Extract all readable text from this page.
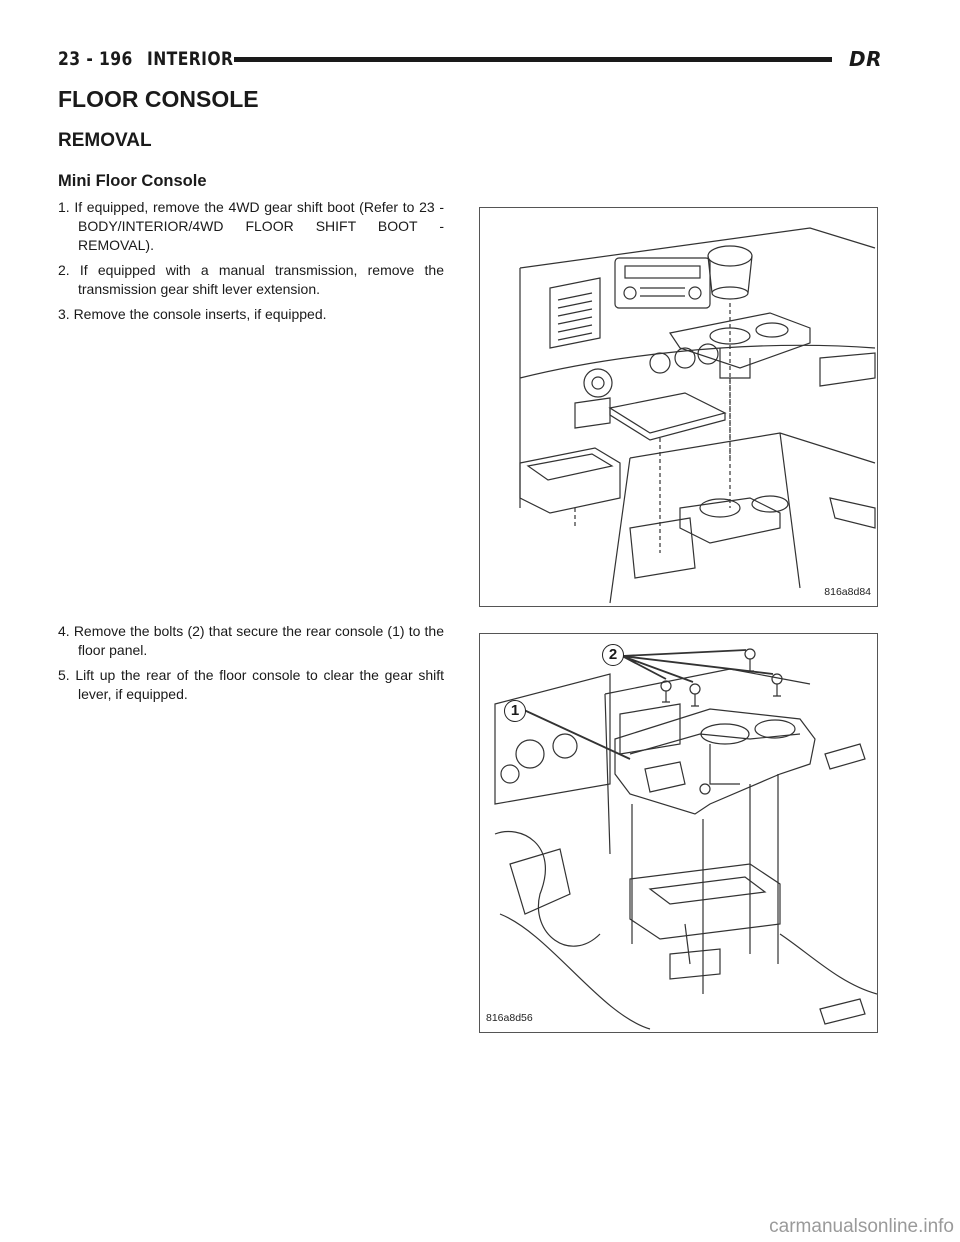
23 - 196 INTERIOR	DR
FLOOR CONSOLE
REMOVAL
Mini Floor Console
1. If equipped, remove the 4WD gear shift boot (Refer to 23 - BODY/INTERIOR/4WD FLOOR SHIFT BOOT - REMOVAL).
2. If equipped with a manual transmission, remove the transmission gear shift lever extension.
3. Remove the console inserts, if equipped.
4. Remove the bolts (2) that secure the rear console (1) to the floor panel.
5. Lift up the rear of the floor console to clear the gear shift lever, if equipped.
816a8d84
2
1
816a8d56
carmanualsonline.info
